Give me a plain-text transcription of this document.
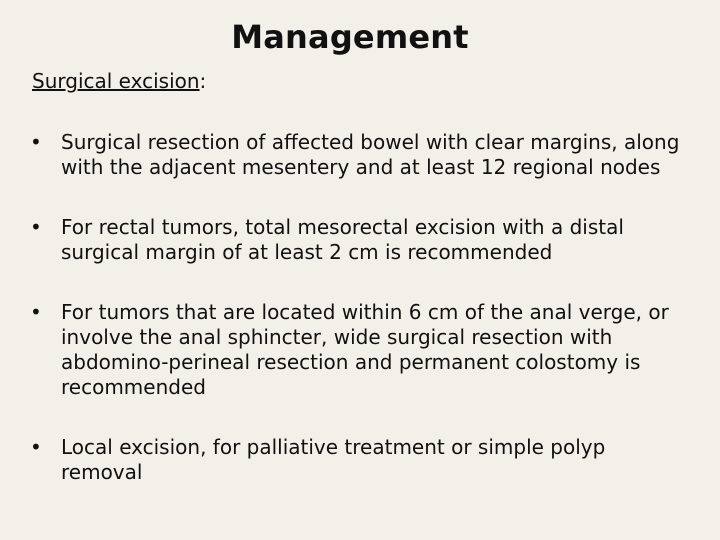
Management
Surgical excision:
• Surgical resection of affected bowel with clear margins, along with the adjacent mesentery and at least 12 regional nodes
• For rectal tumors, total mesorectal excision with a distal surgical margin of at least 2 cm is recommended
• For tumors that are located within 6 cm of the anal verge, or involve the anal sphincter, wide surgical resection with abdomino-perineal resection and permanent colostomy is recommended
• Local excision, for palliative treatment or simple polyp removal
